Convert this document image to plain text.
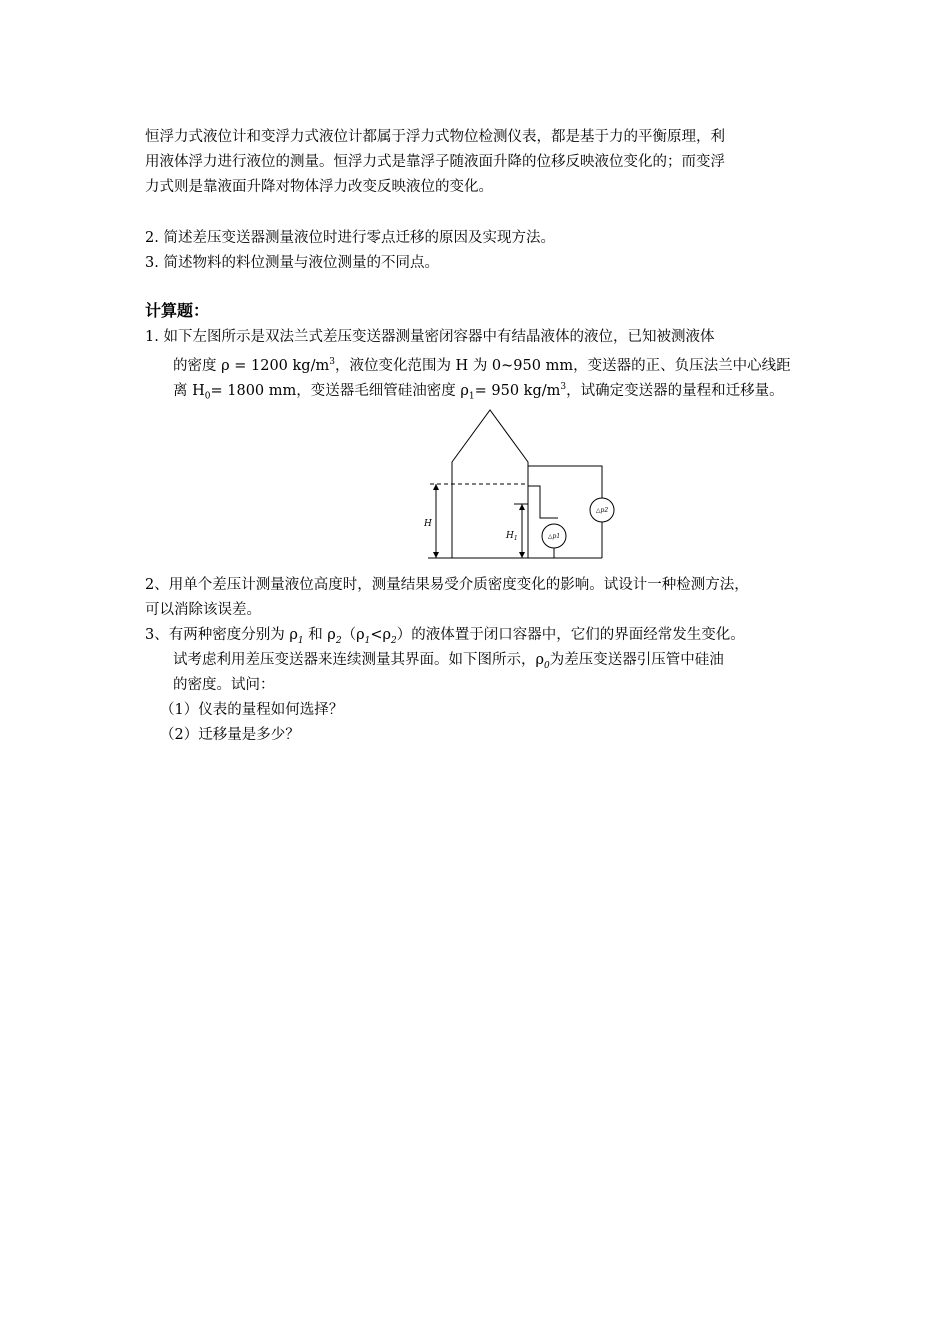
恒浮力式液位计和变浮力式液位计都属于浮力式物位检测仪表，都是基于力的平衡原理，利
用液体浮力进行液位的测量。恒浮力式是靠浮子随液面升降的位移反映液位变化的；而变浮
力式则是靠液面升降对物体浮力改变反映液位的变化。
2. 简述差压变送器测量液位时进行零点迁移的原因及实现方法。
3. 简述物料的料位测量与液位测量的不同点。
计算题：
1. 如下左图所示是双法兰式差压变送器测量密闭容器中有结晶液体的液位，已知被测液体
的密度 ρ = 1200 $kg/m^3$，液位变化范围为 H 为 0~950 mm，变送器的正、负压法兰中心线距
离 $H_0= 1800$ mm，变送器毛细管硅油密度 $\rho_1= 950$ $kg/m^3$，试确定变送器的量程和迁移量。
H
$H_1$	△p1
△p2
2、用单个差压计测量液位高度时，测量结果易受介质密度变化的影响。试设计一种检测方法，
可以消除该误差。
3、有两种密度分别为 $\rho_1$ 和 $\rho_2(\rho_1<\rho_2)$的液体置于闭口容器中，它们的界面经常发生变化。
试考虑利用差压变送器来连续测量其界面。如下图所示，$\rho_0$为差压变送器引压管中硅油
的密度。试问：
（1）仪表的量程如何选择？
（2）迁移量是多少？
